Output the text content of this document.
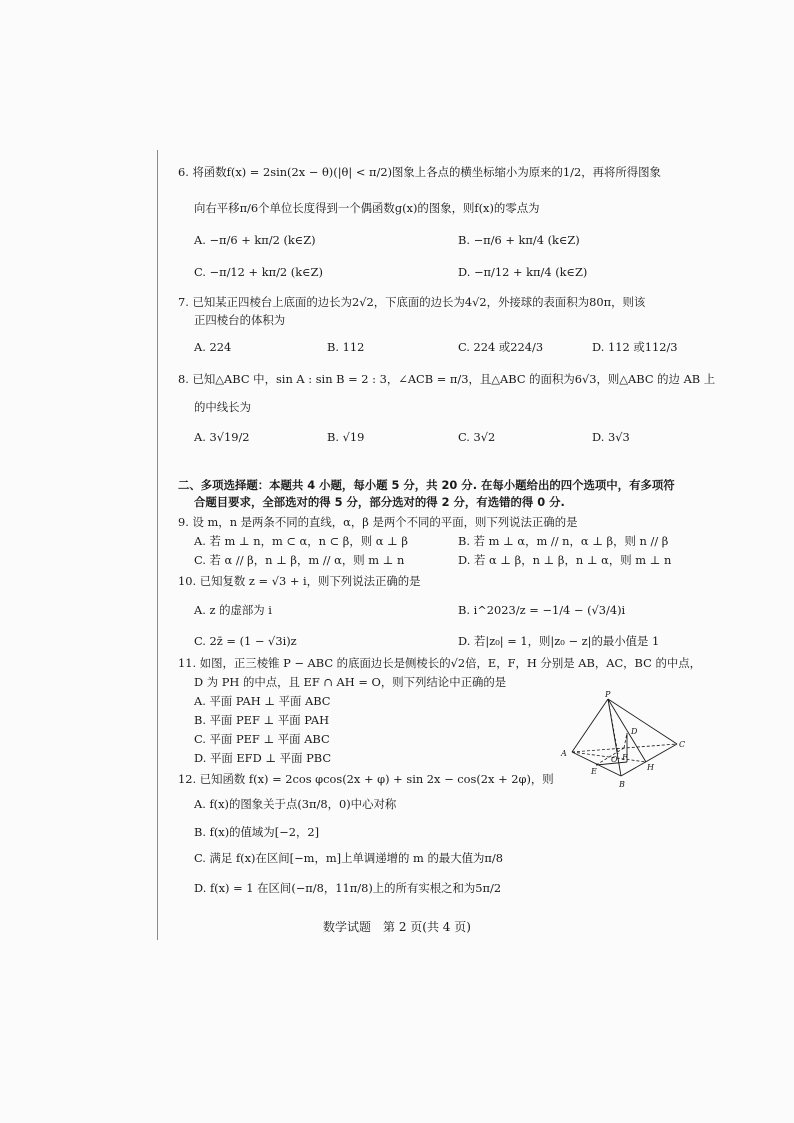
6. 将函数f(x) = 2sin(2x − θ)(|θ| < π/2)图象上各点的横坐标缩小为原来的1/2，再将所得图象
向右平移π/6个单位长度得到一个偶函数g(x)的图象，则f(x)的零点为
A. −π/6 + kπ/2 (k∈Z)	B. −π/6 + kπ/4 (k∈Z)
C. −π/12 + kπ/2 (k∈Z)	D. −π/12 + kπ/4 (k∈Z)
7. 已知某正四棱台上底面的边长为2√2，下底面的边长为4√2，外接球的表面积为80π，则该
正四棱台的体积为
A. 224	B. 112	C. 224 或224/3	D. 112 或112/3
8. 已知△ABC 中，sin A : sin B = 2 : 3，∠ACB = π/3，且△ABC 的面积为6√3，则△ABC 的边 AB 上
的中线长为
A. 3√19/2	B. √19	C. 3√2	D. 3√3
二、多项选择题：本题共 4 小题，每小题 5 分，共 20 分. 在每小题给出的四个选项中，有多项符
合题目要求，全部选对的得 5 分，部分选对的得 2 分，有选错的得 0 分.
9. 设 m，n 是两条不同的直线，α，β 是两个不同的平面，则下列说法正确的是
A. 若 m ⊥ n，m ⊂ α，n ⊂ β，则 α ⊥ β	B. 若 m ⊥ α，m // n，α ⊥ β，则 n // β
C. 若 α // β，n ⊥ β，m // α，则 m ⊥ n	D. 若 α ⊥ β，n ⊥ β，n ⊥ α，则 m ⊥ n
10. 已知复数 z = √3 + i，则下列说法正确的是
A. z 的虚部为 i	B. i^2023/z = −1/4 − (√3/4)i
C. 2z̄ = (1 − √3i)z	D. 若|z₀| = 1，则|z₀ − z|的最小值是 1
11. 如图，正三棱锥 P − ABC 的底面边长是侧棱长的√2倍，E，F，H 分别是 AB，AC，BC 的中点，
D 为 PH 的中点，且 EF ∩ AH = O，则下列结论中正确的是
A. 平面 PAH ⊥ 平面 ABC
B. 平面 PEF ⊥ 平面 PAH
C. 平面 PEF ⊥ 平面 ABC
D. 平面 EFD ⊥ 平面 PBC
P
A
B
C
D
E
F
H
O
12. 已知函数 f(x) = 2cos φcos(2x + φ) + sin 2x − cos(2x + 2φ)，则
A. f(x)的图象关于点(3π/8，0)中心对称
B. f(x)的值域为[−2，2]
C. 满足 f(x)在区间[−m，m]上单调递增的 m 的最大值为π/8
D. f(x) = 1 在区间(−π/8，11π/8)上的所有实根之和为5π/2
数学试题　第 2 页(共 4 页)
